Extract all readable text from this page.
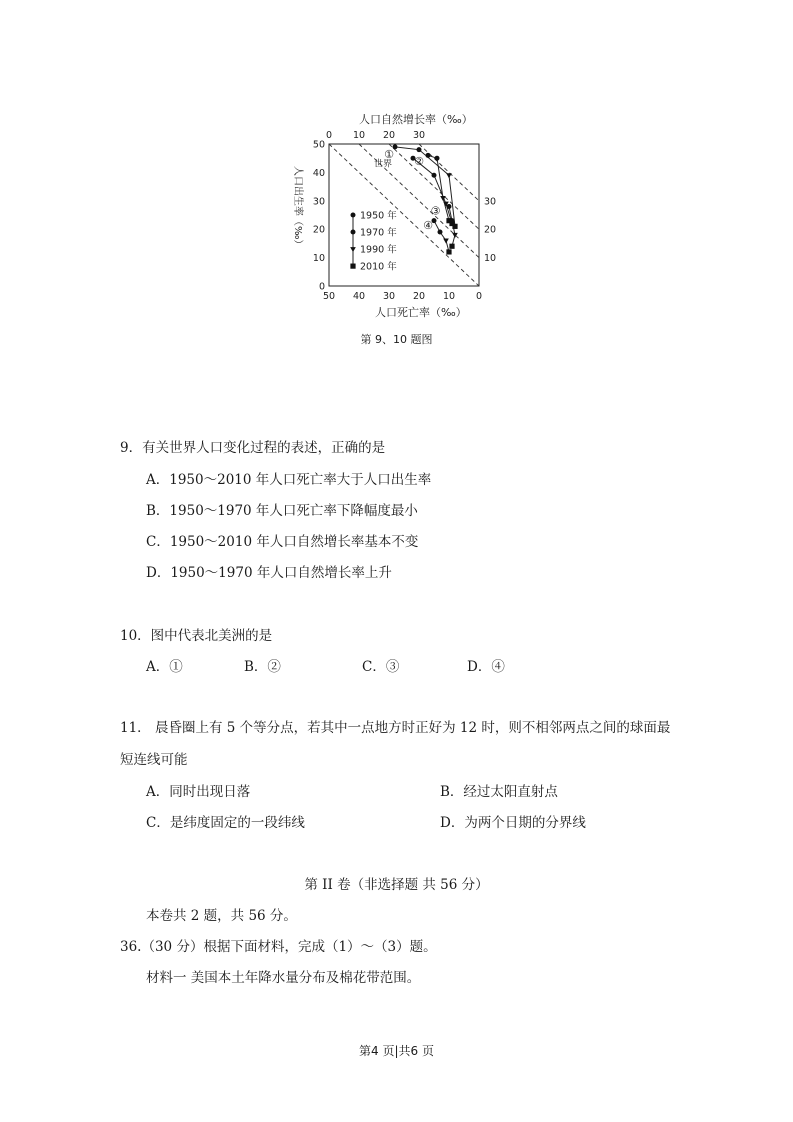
人口自然增长率（‰）
0 10 20 30
50 40 30 20 10 0
50
40
30
20
10
0
30
20
10
人口死亡率（‰）
人口出生率（‰）
①
②
③
④
世界
1950 年
1970 年
1990 年
2010 年
第 9、10 题图
9．有关世界人口变化过程的表述，正确的是
A．1950～2010 年人口死亡率大于人口出生率
B．1950～1970 年人口死亡率下降幅度最小
C．1950～2010 年人口自然增长率基本不变
D．1950～1970 年人口自然增长率上升
10．图中代表北美洲的是
A．①	B．②	C．③	D．④
11． 晨昏圈上有 5 个等分点，若其中一点地方时正好为 12 时，则不相邻两点之间的球面最
短连线可能
A．同时出现日落	B．经过太阳直射点
C．是纬度固定的一段纬线	D．为两个日期的分界线
第 II 卷（非选择题 共 56 分）
本卷共 2 题，共 56 分。
36.（30 分）根据下面材料，完成（1）～（3）题。
材料一 美国本土年降水量分布及棉花带范围。
第4 页|共6 页
